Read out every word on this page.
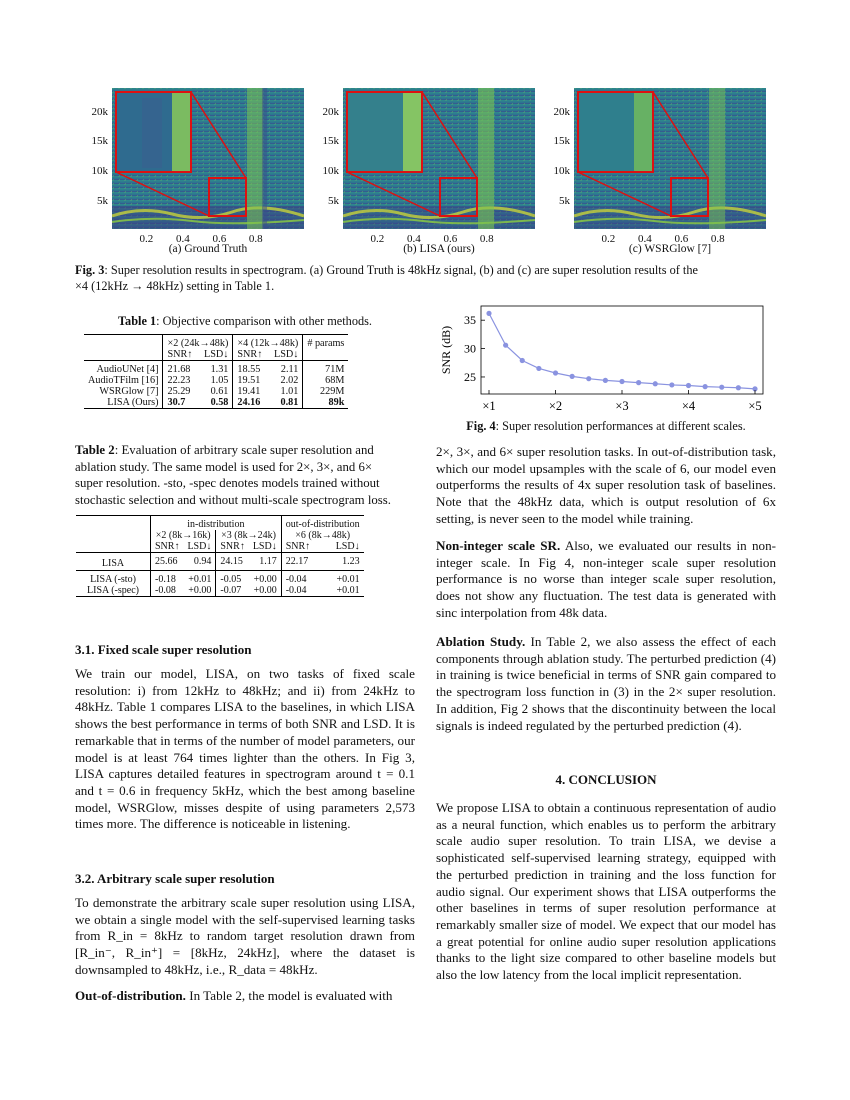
20k
15k
10k
5k
0.2 0.4 0.6 0.8
20k
15k
10k
5k
0.2 0.4 0.6 0.8
20k
15k
10k
5k
0.2 0.4 0.6 0.8
(a) Ground Truth	(b) LISA (ours)	(c) WSRGlow [7]
Fig. 3: Super resolution results in spectrogram. (a) Ground Truth is 48kHz signal, (b) and (c) are super resolution results of the
×4 (12kHz → 48kHz) setting in Table 1.
Table 1: Objective comparison with other methods.
	×2 (24k→48k)		×4 (12k→48k)		# params
	SNR↑	LSD↓	SNR↑	LSD↓	
AudioUNet [4]	21.68	1.31	18.55	2.11	71M
AudioTFilm [16]	22.23	1.05	19.51	2.02	68M
WSRGlow [7]	25.29	0.61	19.41	1.01	229M
LISA (Ours)	30.7	0.58	24.16	0.81	89k
Table 2: Evaluation of arbitrary scale super resolution and
ablation study. The same model is used for 2×, 3×, and 6×
super resolution. -sto, -spec denotes models trained without
stochastic selection and without multi-scale spectrogram loss.
	in-distribution				out-of-distribution	
	×2 (8k→16k)		×3 (8k→24k)		×6 (8k→48k)	
	SNR↑	LSD↓	SNR↑	LSD↓	SNR↑	LSD↓
LISA	25.66	0.94	24.15	1.17	22.17	1.23
LISA (-sto)	-0.18	+0.01	-0.05	+0.00	-0.04	+0.01
LISA (-spec)	-0.08	+0.00	-0.07	+0.00	-0.04	+0.01
3.1. Fixed scale super resolution
We train our model, LISA, on two tasks of fixed scale resolution: i) from 12kHz to 48kHz; and ii) from 24kHz to 48kHz. Table 1 compares LISA to the baselines, in which LISA shows the best performance in terms of both SNR and LSD. It is remarkable that in terms of the number of model parameters, our model is at least 764 times lighter than the others. In Fig 3, LISA captures detailed features in spectrogram around t = 0.1 and t = 0.6 in frequency 5kHz, which the best among baseline model, WSRGlow, misses despite of using parameters 2,573 times more. The difference is noticeable in listening.
3.2. Arbitrary scale super resolution
To demonstrate the arbitrary scale super resolution using LISA, we obtain a single model with the self-supervised learning tasks from R_in = 8kHz to random target resolution drawn from [R_in⁻, R_in⁺] = [8kHz, 24kHz], where the dataset is downsampled to 48kHz, i.e., R_data = 48kHz.
Out-of-distribution. In Table 2, the model is evaluated with
SNR (dB)
35
30
25
×1	×2	×3	×4	×5
Fig. 4: Super resolution performances at different scales.
2×, 3×, and 6× super resolution tasks. In out-of-distribution task, which our model upsamples with the scale of 6, our model even outperforms the results of 4x super resolution task of baselines. Note that the 48kHz data, which is output resolution of 6x setting, is never seen to the model while training.
Non-integer scale SR. Also, we evaluated our results in non-integer scale. In Fig 4, non-integer scale super resolution performance is no worse than integer scale super resolution, does not show any fluctuation. The test data is generated with sinc interpolation from 48k data.
Ablation Study. In Table 2, we also assess the effect of each components through ablation study. The perturbed prediction (4) in training is twice beneficial in terms of SNR gain compared to the spectrogram loss function in (3) in the 2× super resolution. In addition, Fig 2 shows that the discontinuity between the local signals is indeed regulated by the perturbed prediction (4).
4. CONCLUSION
We propose LISA to obtain a continuous representation of audio as a neural function, which enables us to perform the arbitrary scale audio super resolution. To train LISA, we devise a sophisticated self-supervised learning strategy, equipped with the perturbed prediction in training and the loss function for audio signal. Our experiment shows that LISA outperforms the other baselines in terms of super resolution performance at remarkably smaller size of model. We expect that our model has a great potential for online audio super resolution applications thanks to the light size compared to other baseline models but also the low latency from the local implicit representation.
